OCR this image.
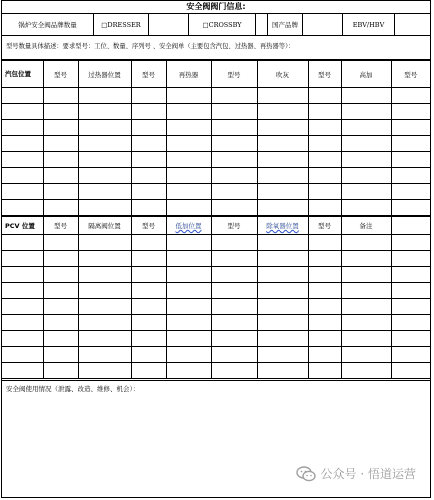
安全阀阀门信息:
锅炉安全阀品牌数量	□DRESSER	□CROSSBY	国产品牌	EBV/HBV
型号数量具体描述：要求型号：工位、数量、序列号 、安全阀单（主要包含汽包、过热器、再热器等）：
汽包位置	型号	过热器位置	型号	再热器	型号	吹灰	型号	高加	型号

PCV 位置	型号	隔离阀位置	型号	低加位置	型号	除氧器位置	型号	备注	

安全阀使用情况（泄露、改造、维修、机会）：
公众号 · 悟道运营
